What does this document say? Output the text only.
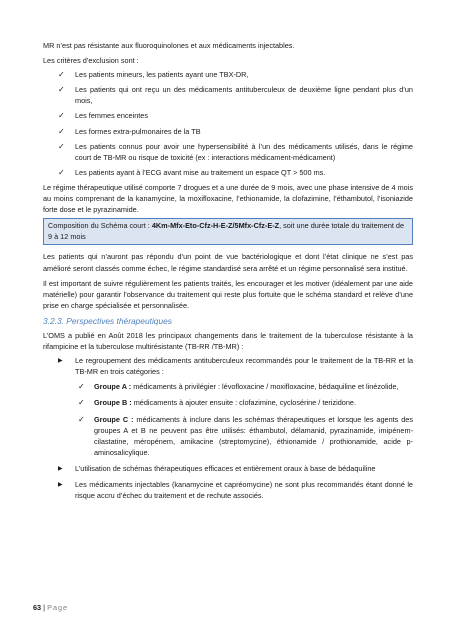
MR n’est pas résistante aux fluoroquinolones et aux médicaments injectables.

Les critères d’exclusion sont :

✓ Les patients mineurs, les patients ayant une TBX-DR,
✓ Les patients qui ont reçu un des médicaments antituberculeux de deuxième ligne pendant plus d’un mois,
✓ Les femmes enceintes
✓ Les formes extra-pulmonaires de la TB
✓ Les patients connus pour avoir une hypersensibilité à l’un des médicaments utilisés, dans le régime court de TB-MR ou risque de toxicité (ex : interactions médicament-médicament)
✓ Les patients ayant à l’ECG avant mise au traitement un espace QT > 500 ms.

Le régime thérapeutique utilisé comporte 7 drogues et a une durée de 9 mois, avec une phase intensive de 4 mois au moins comprenant de la kanamycine, la moxifloxacine, l’ethionamide, la clofazimine, l’éthambutol, l’isoniazide forte dose et le pyrazinamide.

Composition du Schéma court : 4Km-Mfx-Eto-Cfz-H-E-Z/5Mfx-Cfz-E-Z, soit une durée totale du traitement de 9 à 12 mois

Les patients qui n’auront pas répondu d’un point de vue bactériologique et dont l’état clinique ne s’est pas amélioré seront classés comme échec, le régime standardisé sera arrêté et un régime personnalisé sera institué.

Il est important de suivre régulièrement les patients traités, les encourager et les motiver (idéalement par une aide matérielle) pour garantir l’observance du traitement qui reste plus fortuite que le schéma standard et relève d’une prise en charge spécialisée et personnalisée.

3.2.3. Perspectives thérapeutiques

L’OMS a publié en Août 2018 les principaux changements dans le traitement de la tuberculose résistante à la rifampicine et la tuberculose multirésistante (TB-RR /TB-MR) :

▶ Le regroupement des médicaments antituberculeux recommandés pour le traitement de la TB-RR et la TB-MR en trois catégories :
✓ Groupe A : médicaments à privilégier : lévofloxacine / moxifloxacine, bédaquiline et linézolide,
✓ Groupe B : médicaments à ajouter ensuite : clofazimine, cyclosérine / terizidone.
✓ Groupe C : médicaments à inclure dans les schémas thérapeutiques et lorsque les agents des groupes A et B ne peuvent pas être utilisés: éthambutol, délamanid, pyrazinamide, imipénem-cilastatine, méropénem, amikacine (streptomycine), éthionamide / prothionamide, acide p-aminosalicylique.
▶ L’utilisation de schémas thérapeutiques efficaces et entièrement oraux à base de bédaquiline
▶ Les médicaments injectables (kanamycine et capréomycine) ne sont plus recommandés étant donné le risque accru d’échec du traitement et de rechute associés.
63 | Page
